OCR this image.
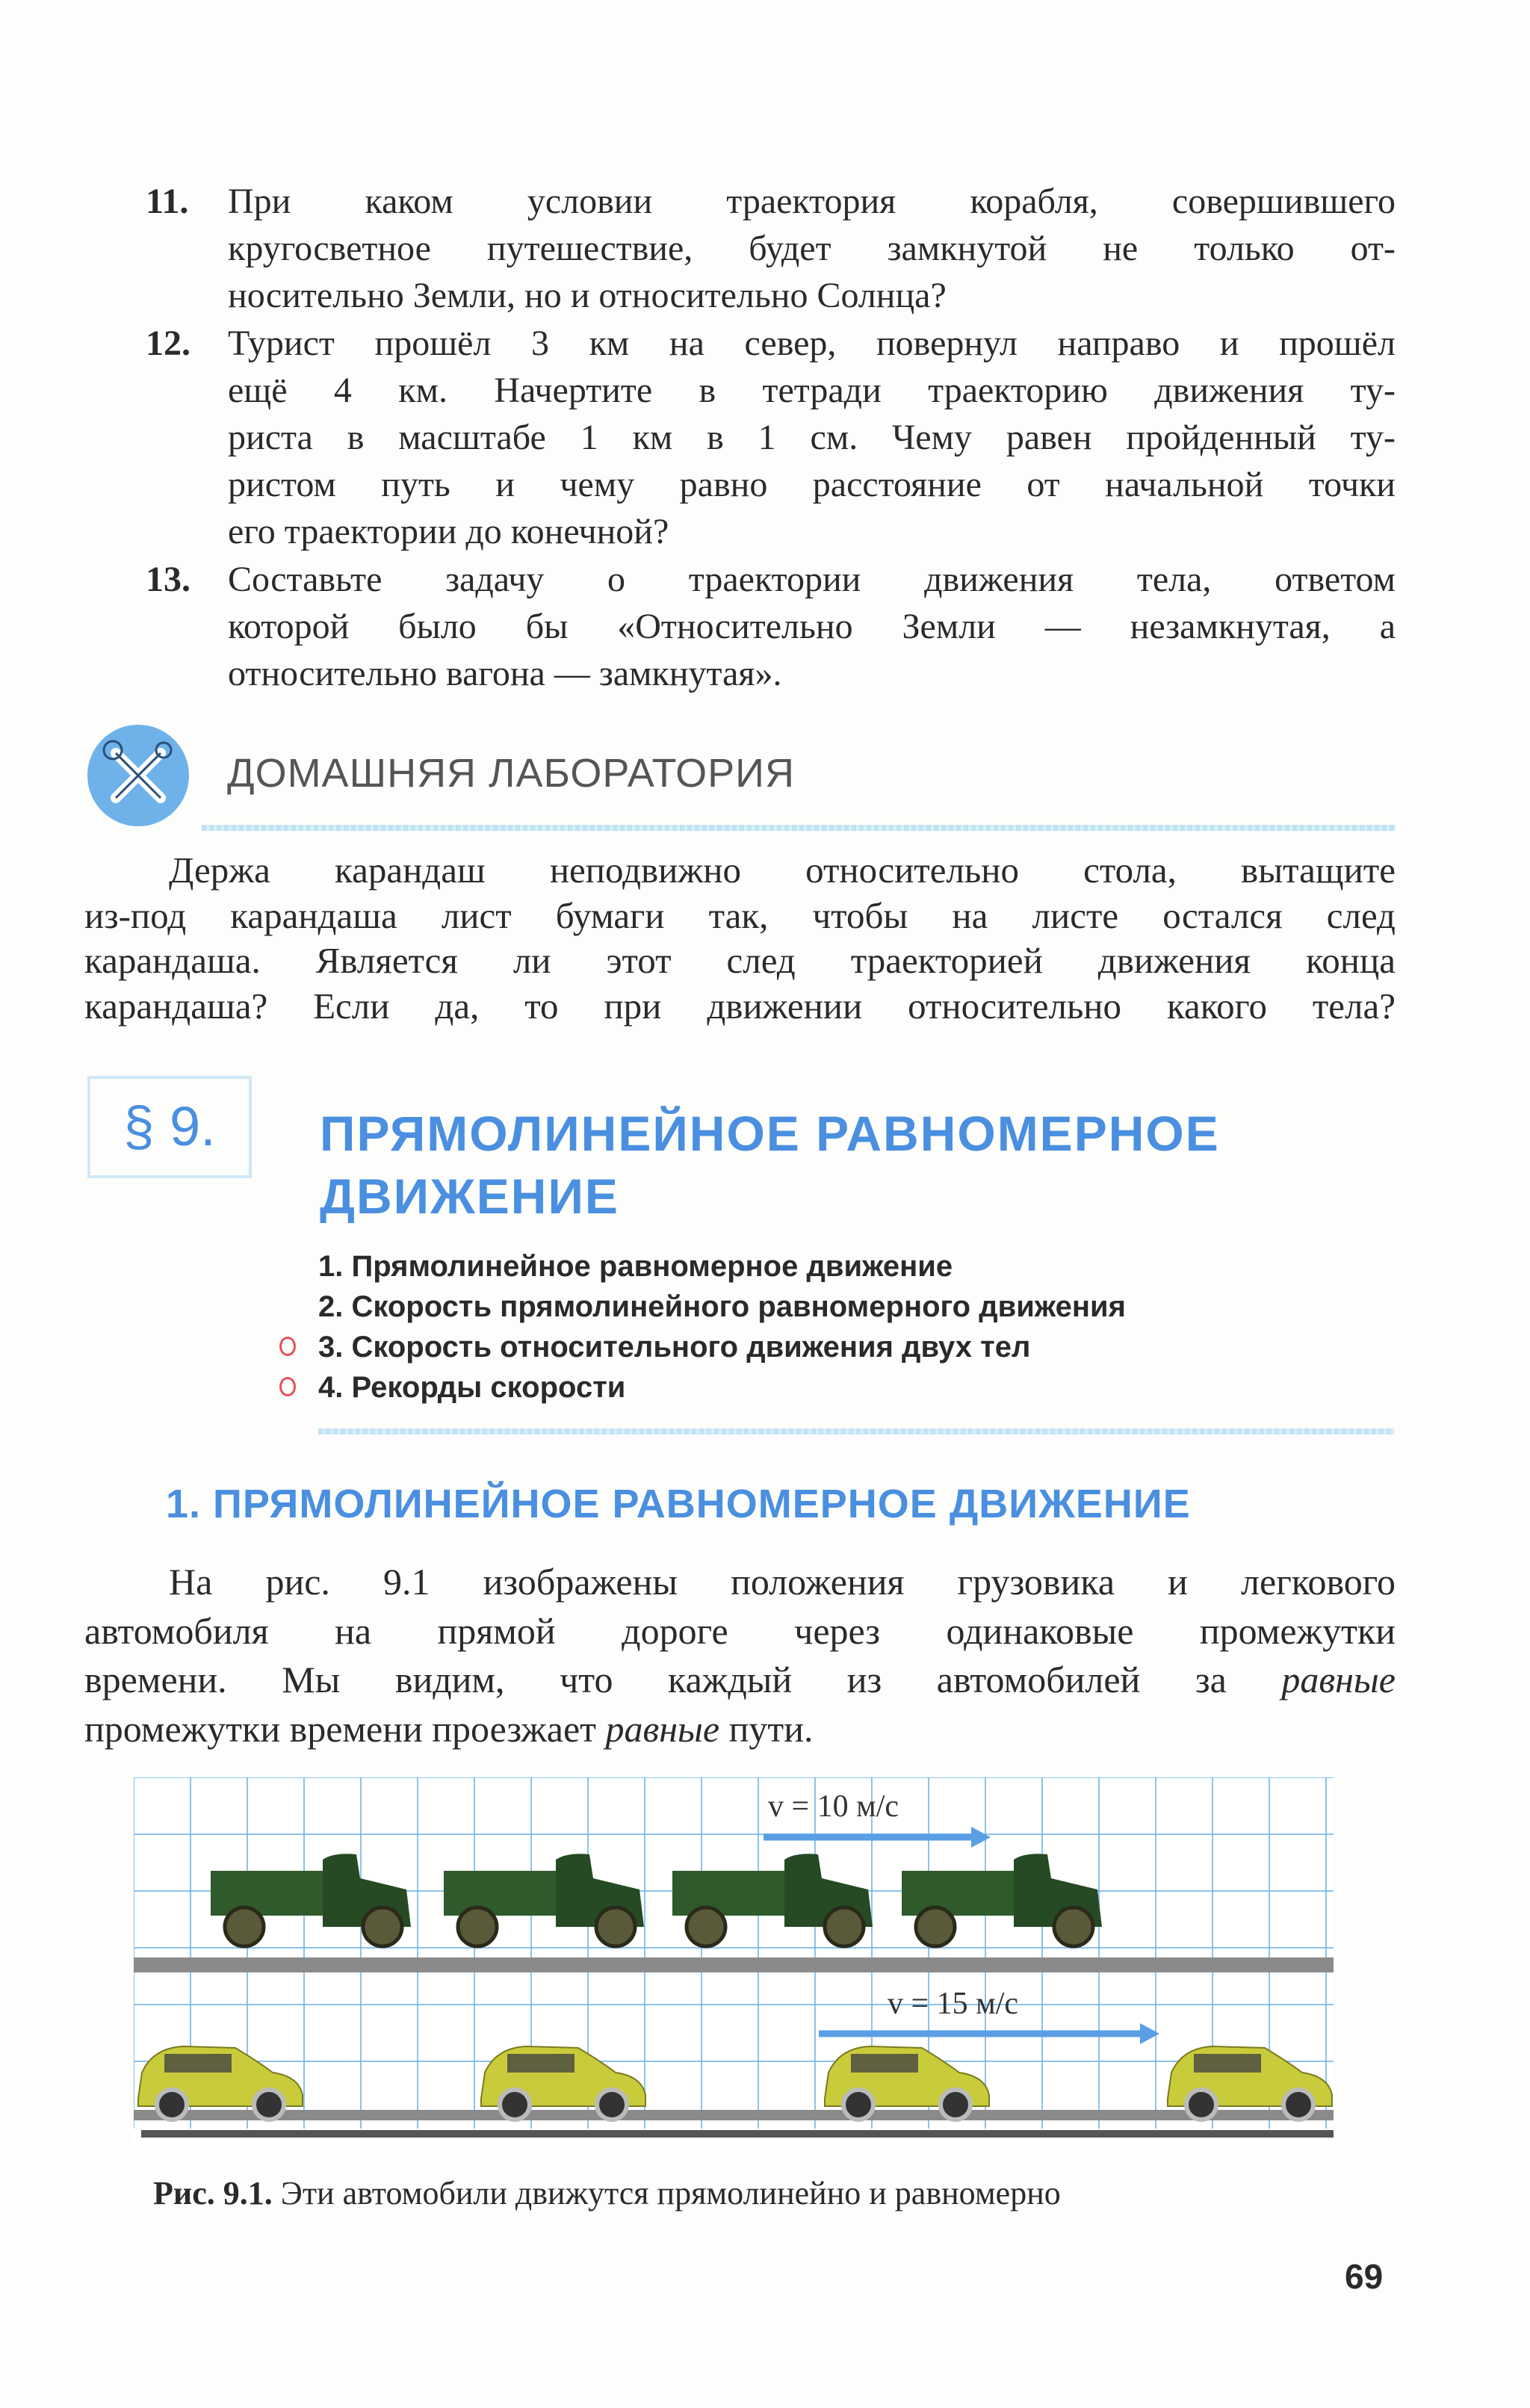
11. При каком условии траектория корабля, совершившего
кругосветное путешествие, будет замкнутой не только от-
носительно Земли, но и относительно Солнца?
12. Турист прошёл 3 км на север, повернул направо и прошёл
ещё 4 км. Начертите в тетради траекторию движения ту-
риста в масштабе 1 км в 1 см. Чему равен пройденный ту-
ристом путь и чему равно расстояние от начальной точки
его траектории до конечной?
13. Составьте задачу о траектории движения тела, ответом
которой было бы «Относительно Земли — незамкнутая, а
относительно вагона — замкнутая».
ДОМАШНЯЯ ЛАБОРАТОРИЯ
Держа карандаш неподвижно относительно стола, вытащите
из-под карандаша лист бумаги так, чтобы на листе остался след
карандаша. Является ли этот след траекторией движения конца
карандаша? Если да, то при движении относительно какого тела?
§ 9.	ПРЯМОЛИНЕЙНОЕ РАВНОМЕРНОЕ
ДВИЖЕНИЕ
1. Прямолинейное равномерное движение
2. Скорость прямолинейного равномерного движения
3. Скорость относительного движения двух тел
4. Рекорды скорости
1. ПРЯМОЛИНЕЙНОЕ РАВНОМЕРНОЕ ДВИЖЕНИЕ
На рис. 9.1 изображены положения грузовика и легкового
автомобиля на прямой дороге через одинаковые промежутки
времени. Мы видим, что каждый из автомобилей за равные
промежутки времени проезжает равные пути.
v = 10 м/с
v = 15 м/с
Рис. 9.1. Эти автомобили движутся прямолинейно и равномерно
69
